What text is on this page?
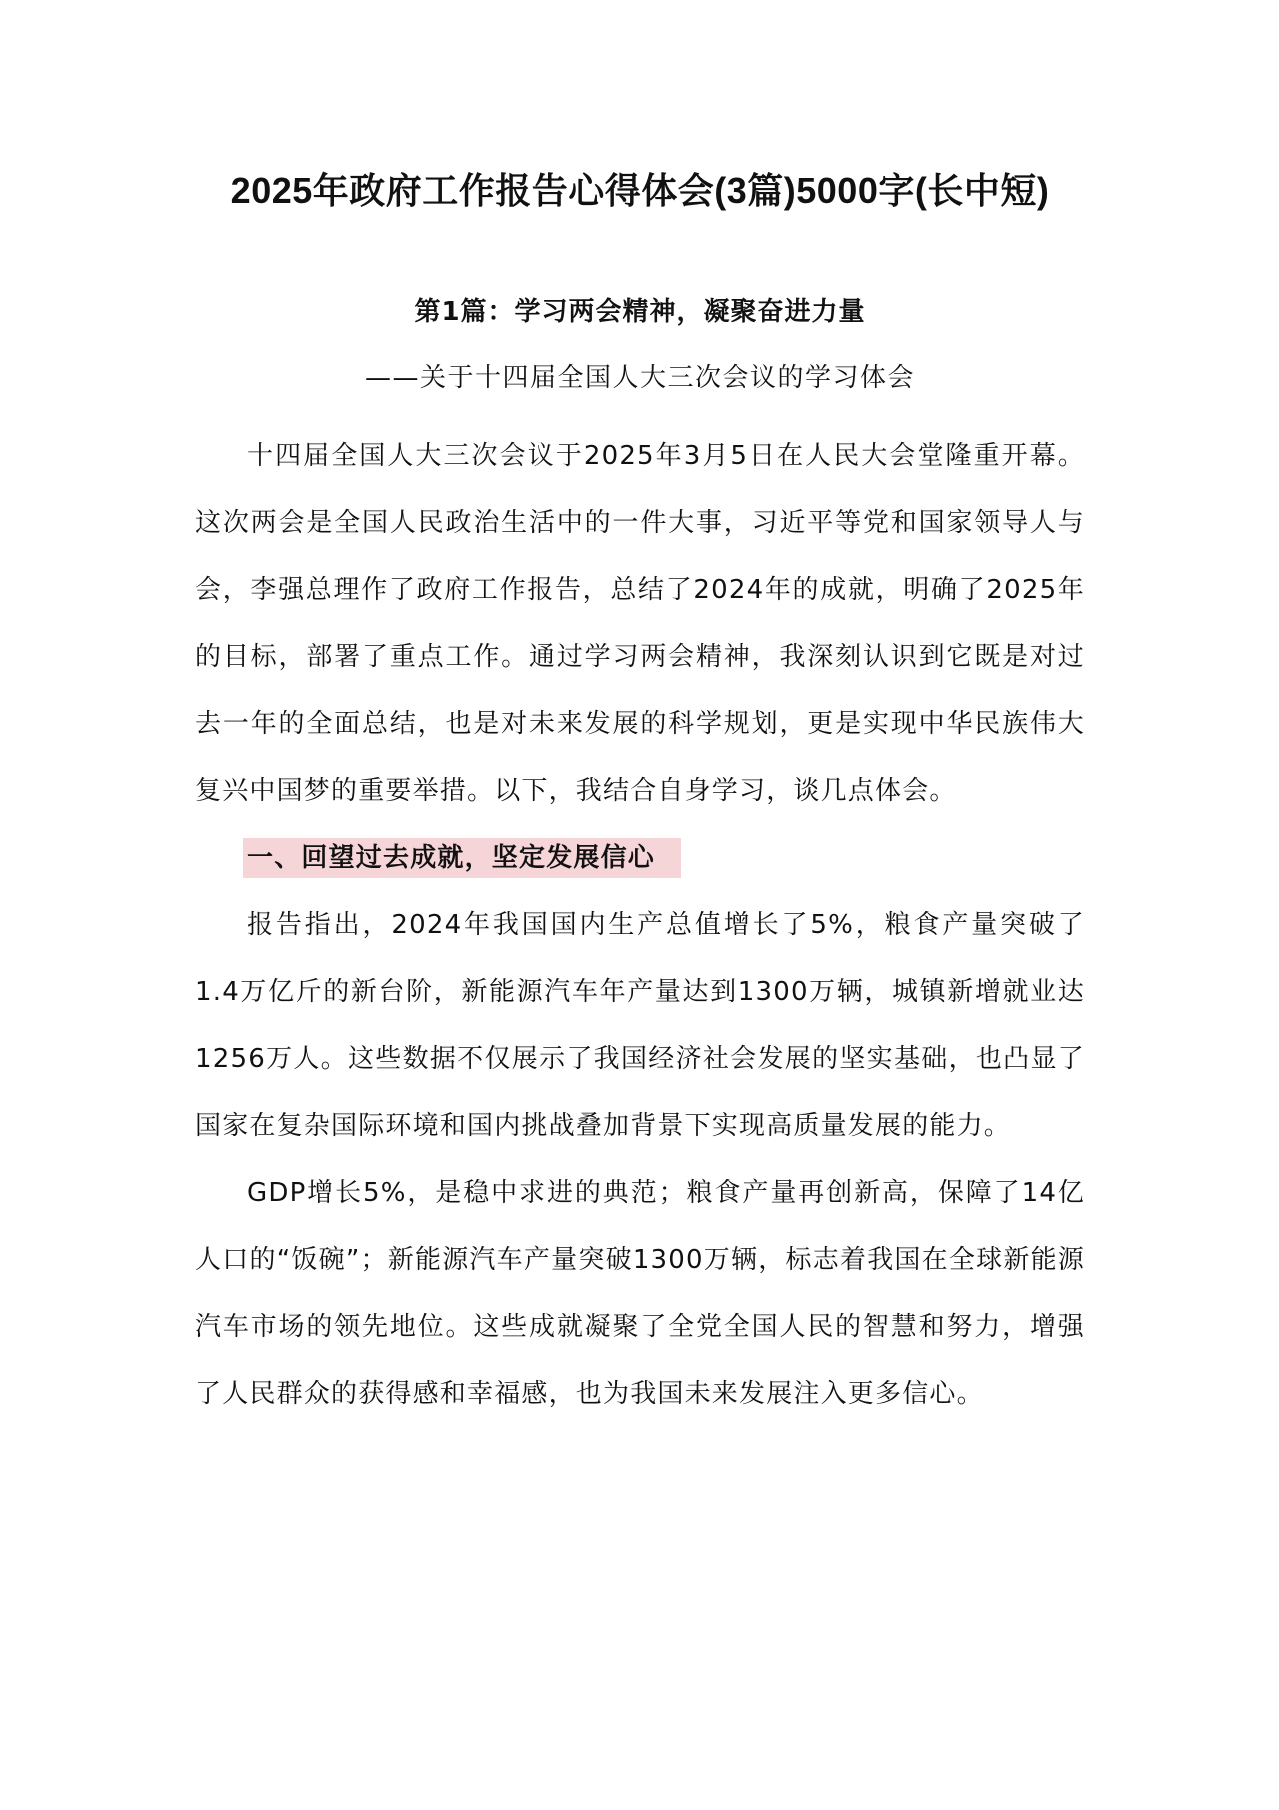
2025年政府工作报告心得体会(3篇)5000字(长中短)
第1篇：学习两会精神，凝聚奋进力量
——关于十四届全国人大三次会议的学习体会

十四届全国人大三次会议于2025年3月5日在人民大会堂隆重开幕。这次两会是全国人民政治生活中的一件大事，习近平等党和国家领导人与会，李强总理作了政府工作报告，总结了2024年的成就，明确了2025年的目标，部署了重点工作。通过学习两会精神，我深刻认识到它既是对过去一年的全面总结，也是对未来发展的科学规划，更是实现中华民族伟大复兴中国梦的重要举措。以下，我结合自身学习，谈几点体会。

一、回望过去成就，坚定发展信心

报告指出，2024年我国国内生产总值增长了5%，粮食产量突破了1.4万亿斤的新台阶，新能源汽车年产量达到1300万辆，城镇新增就业达1256万人。这些数据不仅展示了我国经济社会发展的坚实基础，也凸显了国家在复杂国际环境和国内挑战叠加背景下实现高质量发展的能力。

GDP增长5%，是稳中求进的典范；粮食产量再创新高，保障了14亿人口的“饭碗”；新能源汽车产量突破1300万辆，标志着我国在全球新能源汽车市场的领先地位。这些成就凝聚了全党全国人民的智慧和努力，增强了人民群众的获得感和幸福感，也为我国未来发展注入更多信心。
